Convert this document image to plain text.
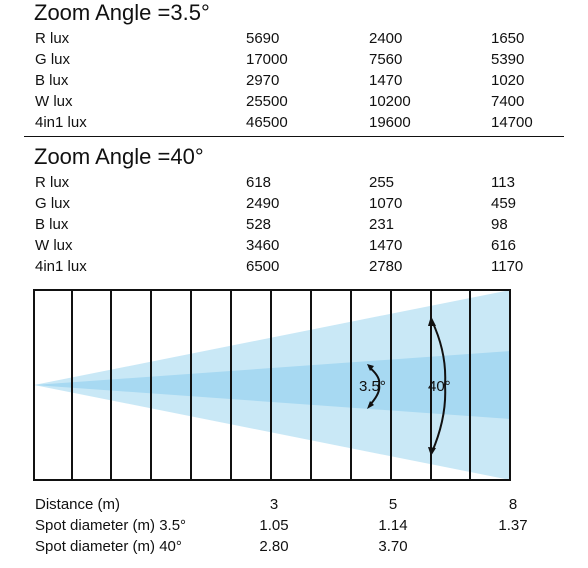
Zoom Angle =3.5°
R lux	5690	2400	1650
G lux	17000	7560	5390
B lux	2970	1470	1020
W lux	25500	10200	7400
4in1 lux	46500	19600	14700
Zoom Angle =40°
R lux	618	255	113
G lux	2490	1070	459
B lux	528	231	98
W lux	3460	1470	616
4in1 lux	6500	2780	1170
3.5°	40°
Distance (m)	3	5	8
Spot diameter (m) 3.5°	1.05	1.14	1.37
Spot diameter (m) 40°	2.80	3.70
